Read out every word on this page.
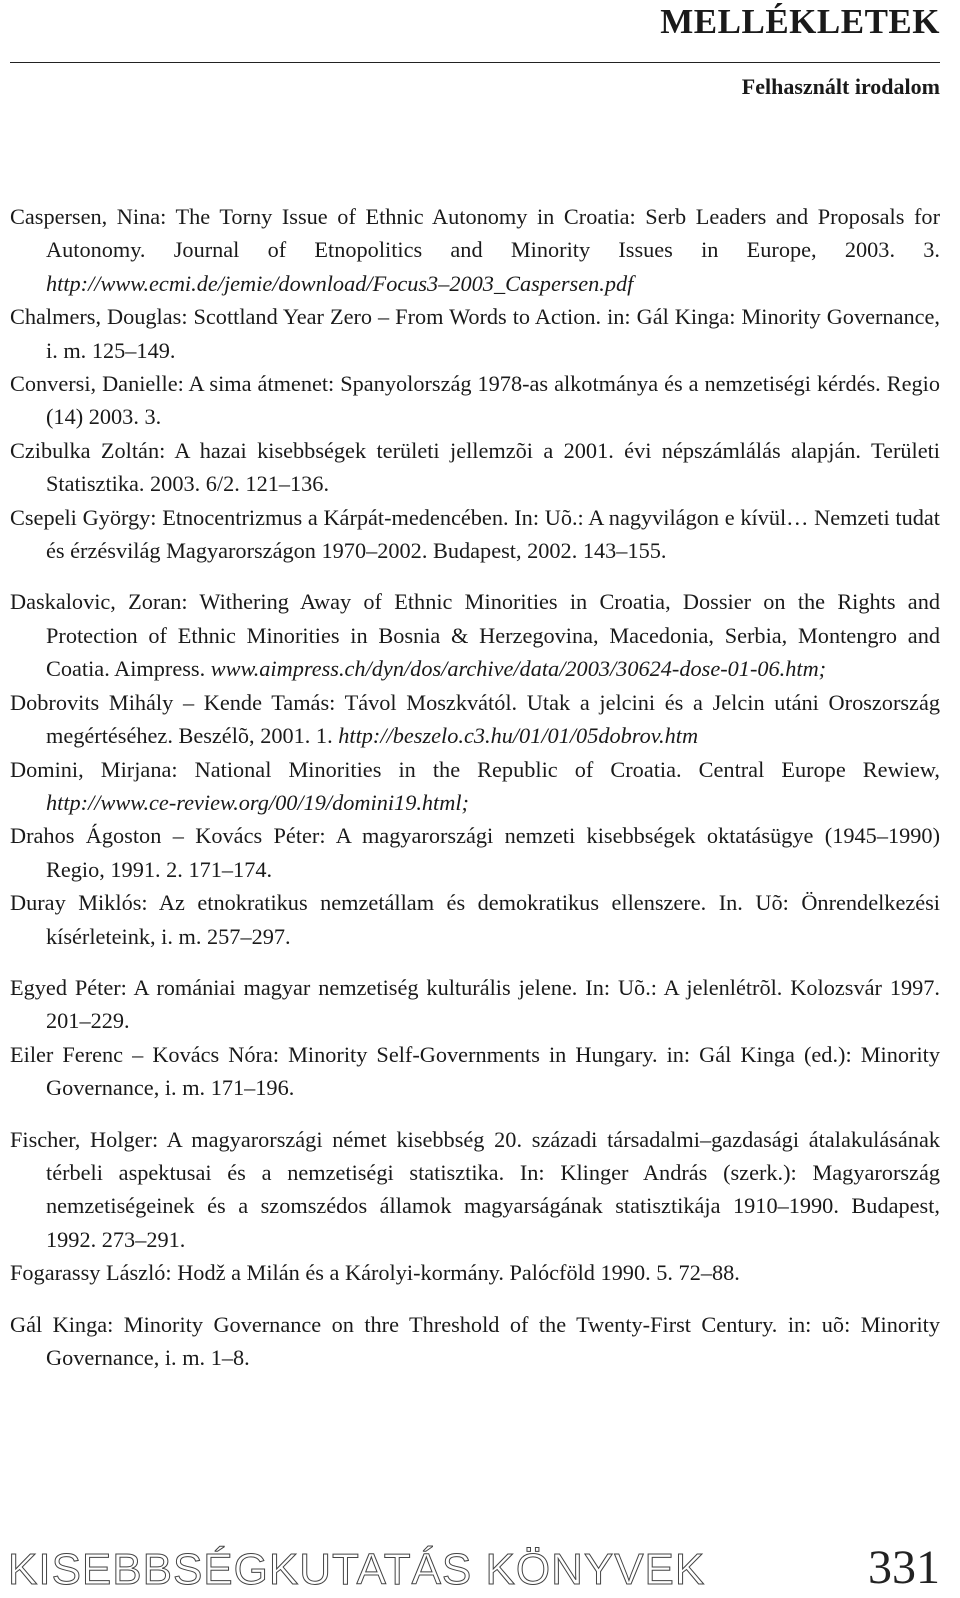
MELLÉKLETEK
Felhasznált irodalom

Caspersen, Nina: The Torny Issue of Ethnic Autonomy in Croatia: Serb Leaders and Proposals for Autonomy. Journal of Etnopolitics and Minority Issues in Europe, 2003. 3. http://www.ecmi.de/jemie/download/Focus3–2003_Caspersen.pdf

Chalmers, Douglas: Scottland Year Zero – From Words to Action. in: Gál Kinga: Minority Governance, i. m. 125–149.

Conversi, Danielle: A sima átmenet: Spanyolország 1978-as alkotmánya és a nemzetiségi kérdés. Regio (14) 2003. 3.

Czibulka Zoltán: A hazai kisebbségek területi jellemzõi a 2001. évi népszámlálás alapján. Területi Statisztika. 2003. 6/2. 121–136.

Csepeli György: Etnocentrizmus a Kárpát-medencében. In: Uõ.: A nagyvilágon e kívül… Nemzeti tudat és érzésvilág Magyarországon 1970–2002. Budapest, 2002. 143–155.

Daskalovic, Zoran: Withering Away of Ethnic Minorities in Croatia, Dossier on the Rights and Protection of Ethnic Minorities in Bosnia & Herzegovina, Macedonia, Serbia, Montengro and Coatia. Aimpress. www.aimpress.ch/dyn/dos/archive/data/2003/30624-dose-01-06.htm;

Dobrovits Mihály – Kende Tamás: Távol Moszkvától. Utak a jelcini és a Jelcin utáni Oroszország megértéséhez. Beszélõ, 2001. 1. http://beszelo.c3.hu/01/01/05dobrov.htm

Domini, Mirjana: National Minorities in the Republic of Croatia. Central Europe Rewiew, http://www.ce-review.org/00/19/domini19.html;

Drahos Ágoston – Kovács Péter: A magyarországi nemzeti kisebbségek oktatásügye (1945–1990) Regio, 1991. 2. 171–174.

Duray Miklós: Az etnokratikus nemzetállam és demokratikus ellenszere. In. Uõ: Önrendelkezési kísérleteink, i. m. 257–297.

Egyed Péter: A romániai magyar nemzetiség kulturális jelene. In: Uõ.: A jelenlétrõl. Kolozsvár 1997. 201–229.

Eiler Ferenc – Kovács Nóra: Minority Self-Governments in Hungary. in: Gál Kinga (ed.): Minority Governance, i. m. 171–196.

Fischer, Holger: A magyarországi német kisebbség 20. századi társadalmi–gazdasági átalakulásának térbeli aspektusai és a nemzetiségi statisztika. In: Klinger András (szerk.): Magyarország nemzetiségeinek és a szomszédos államok magyarságának statisztikája 1910–1990. Budapest, 1992. 273–291.

Fogarassy László: Hodž a Milán és a Károlyi-kormány. Palócföld 1990. 5. 72–88.

Gál Kinga: Minority Governance on thre Threshold of the Twenty-First Century. in: uõ: Minority Governance, i. m. 1–8.

KISEBBSÉGKUTATÁS KÖNYVEK	331
